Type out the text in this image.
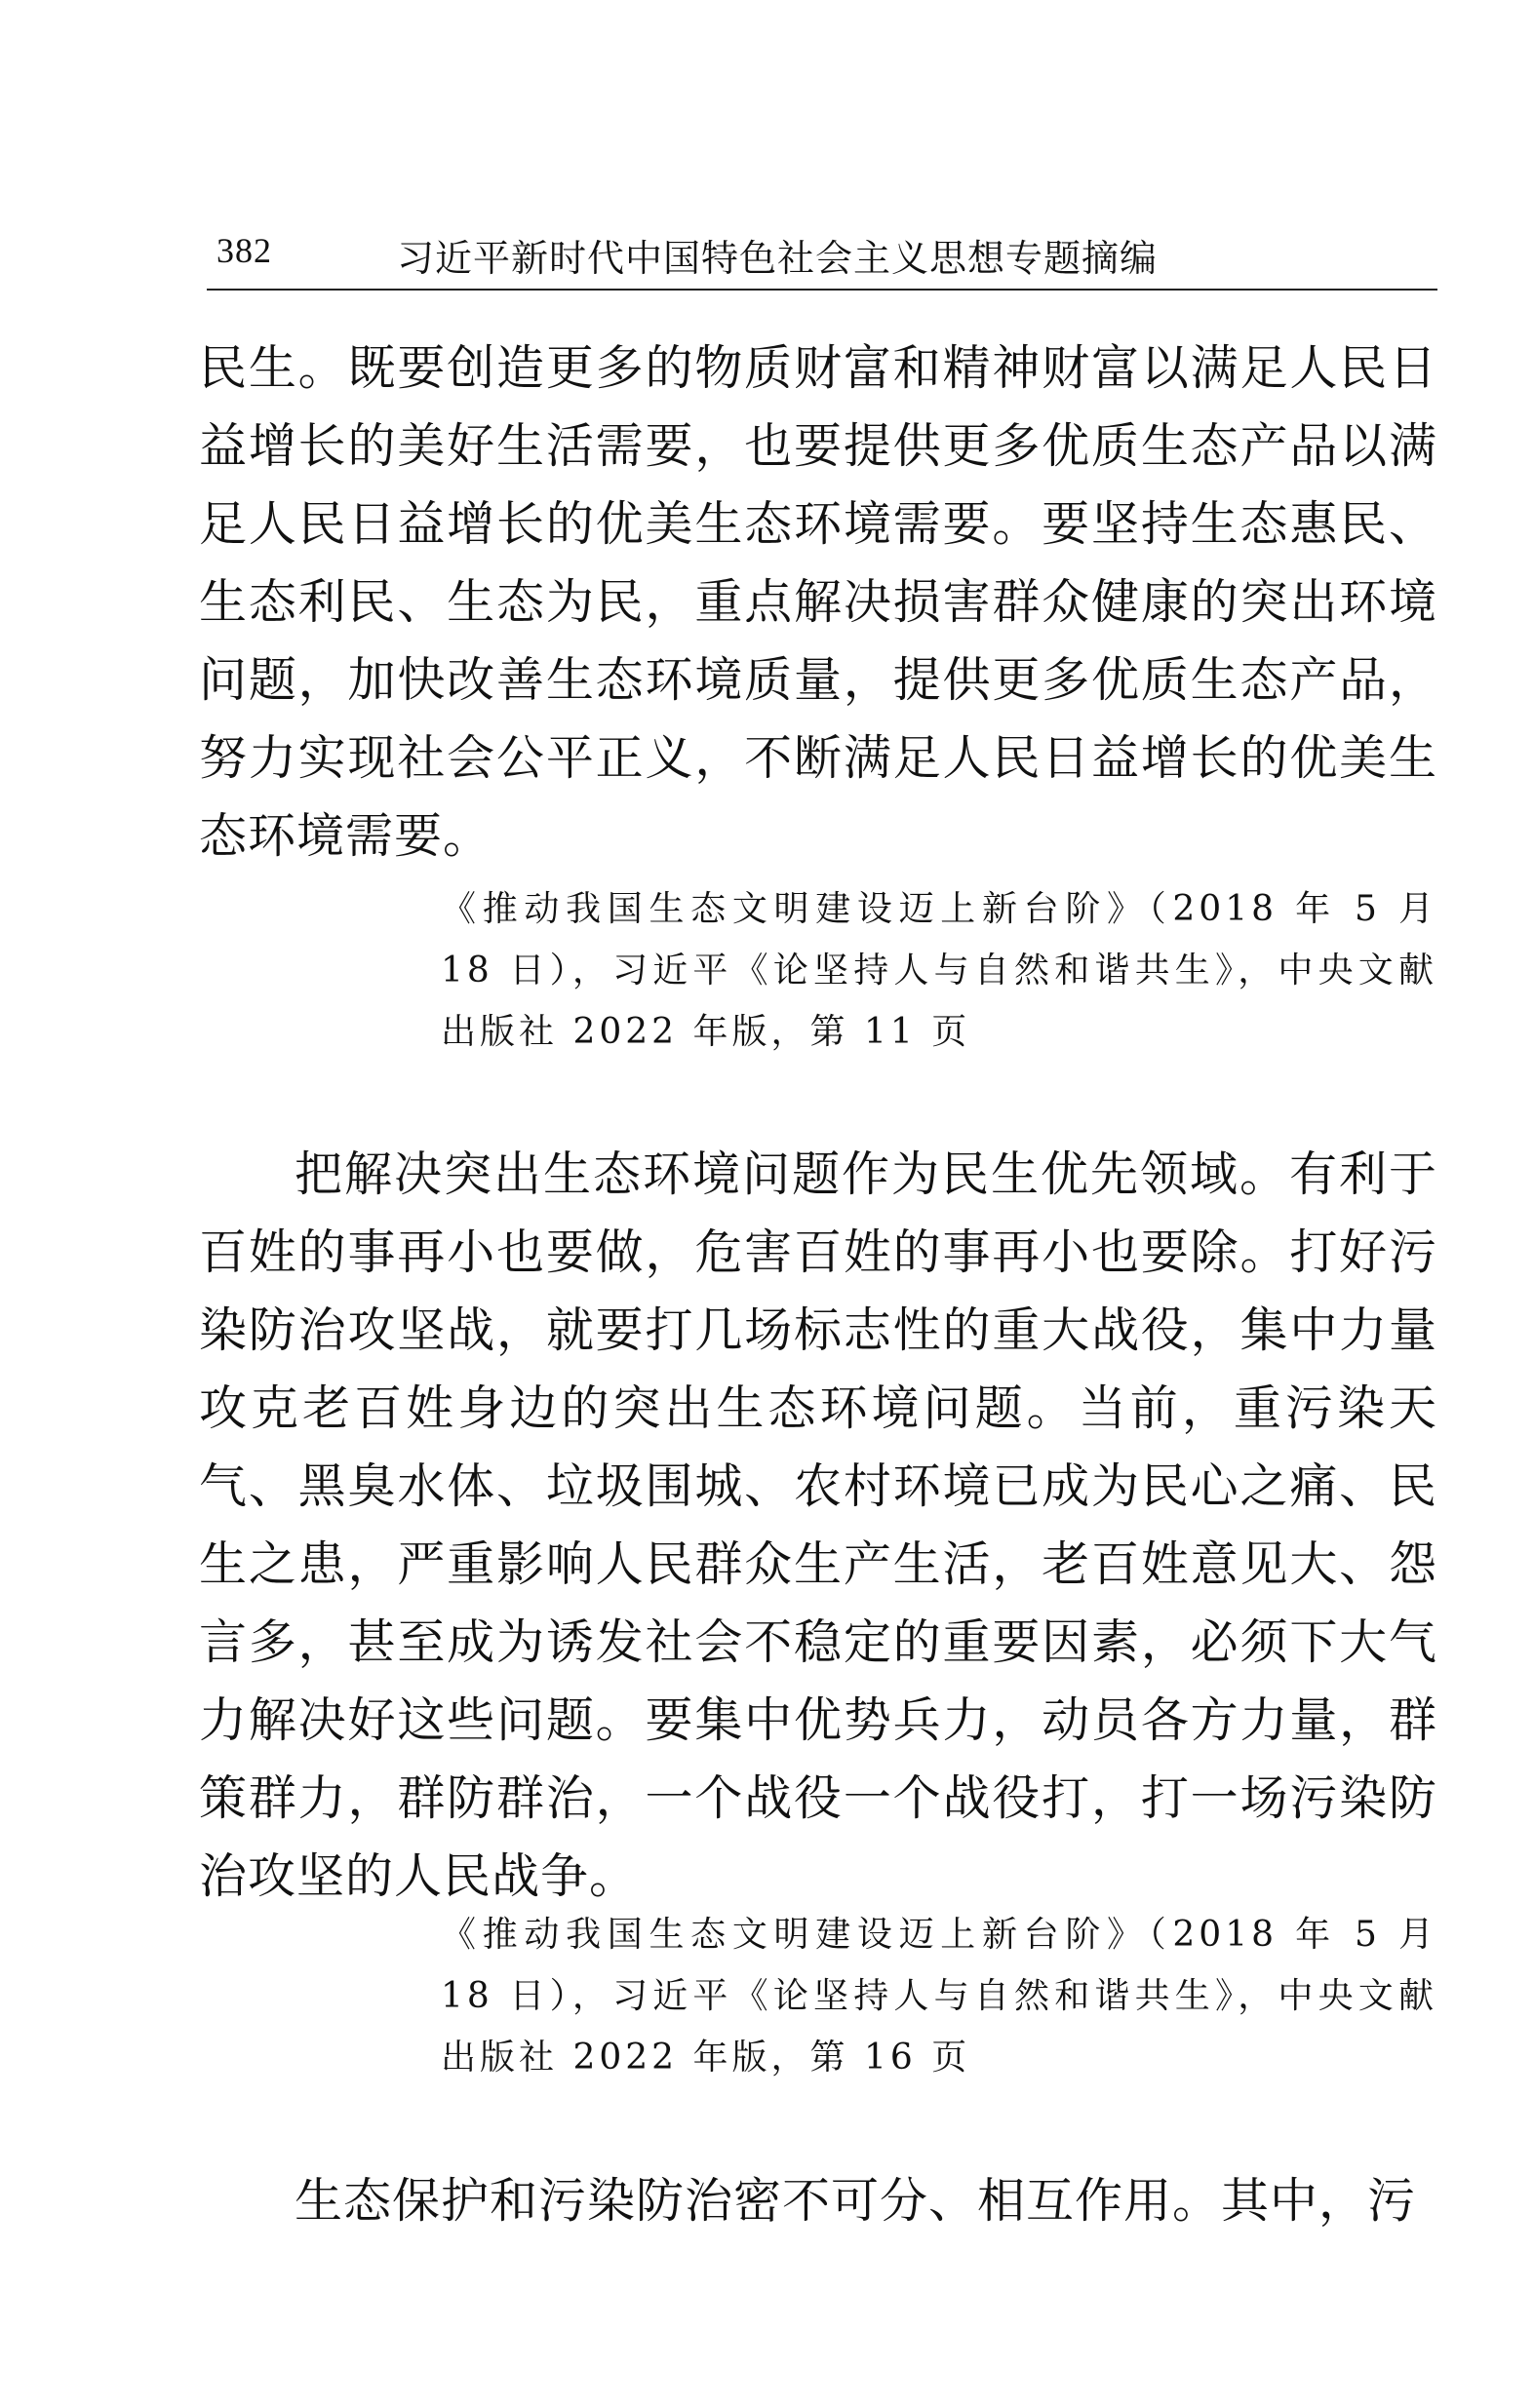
382	习近平新时代中国特色社会主义思想专题摘编

民生。既要创造更多的物质财富和精神财富以满足人民日益增长的美好生活需要，也要提供更多优质生态产品以满足人民日益增长的优美生态环境需要。要坚持生态惠民、生态利民、生态为民，重点解决损害群众健康的突出环境问题，加快改善生态环境质量，提供更多优质生态产品，努力实现社会公平正义，不断满足人民日益增长的优美生态环境需要。

《推动我国生态文明建设迈上新台阶》（2018 年 5 月 18 日），习近平《论坚持人与自然和谐共生》，中央文献出版社 2022 年版，第 11 页

把解决突出生态环境问题作为民生优先领域。有利于百姓的事再小也要做，危害百姓的事再小也要除。打好污染防治攻坚战，就要打几场标志性的重大战役，集中力量攻克老百姓身边的突出生态环境问题。当前，重污染天气、黑臭水体、垃圾围城、农村环境已成为民心之痛、民生之患，严重影响人民群众生产生活，老百姓意见大、怨言多，甚至成为诱发社会不稳定的重要因素，必须下大气力解决好这些问题。要集中优势兵力，动员各方力量，群策群力，群防群治，一个战役一个战役打，打一场污染防治攻坚的人民战争。

《推动我国生态文明建设迈上新台阶》（2018 年 5 月 18 日），习近平《论坚持人与自然和谐共生》，中央文献出版社 2022 年版，第 16 页

生态保护和污染防治密不可分、相互作用。其中，污
